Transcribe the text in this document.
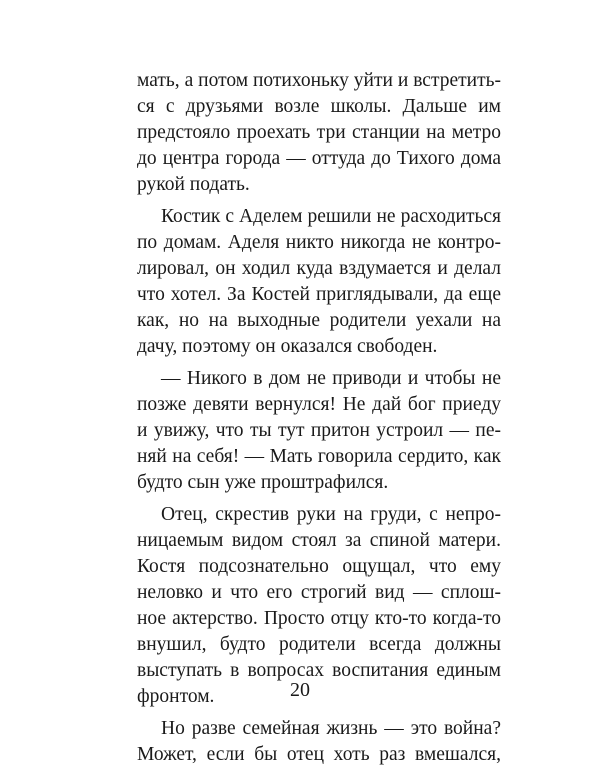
мать, а потом потихоньку уйти и встретить-
ся с друзьями возле школы. Дальше им
предстояло проехать три станции на метро
до центра города — оттуда до Тихого дома
рукой подать.
Костик с Аделем решили не расходиться
по домам. Аделя никто никогда не контро-
лировал, он ходил куда вздумается и делал
что хотел. За Костей приглядывали, да еще
как, но на выходные родители уехали на
дачу, поэтому он оказался свободен.
— Никого в дом не приводи и чтобы не
позже девяти вернулся! Не дай бог приеду
и увижу, что ты тут притон устроил — пе-
няй на себя! — Мать говорила сердито, как
будто сын уже проштрафился.
Отец, скрестив руки на груди, с непро-
ницаемым видом стоял за спиной матери.
Костя подсознательно ощущал, что ему
неловко и что его строгий вид — сплош-
ное актерство. Просто отцу кто-то когда-то
внушил, будто родители всегда должны
выступать в вопросах воспитания единым
фронтом.
Но разве семейная жизнь — это война?
Может, если бы отец хоть раз вмешался,
20
